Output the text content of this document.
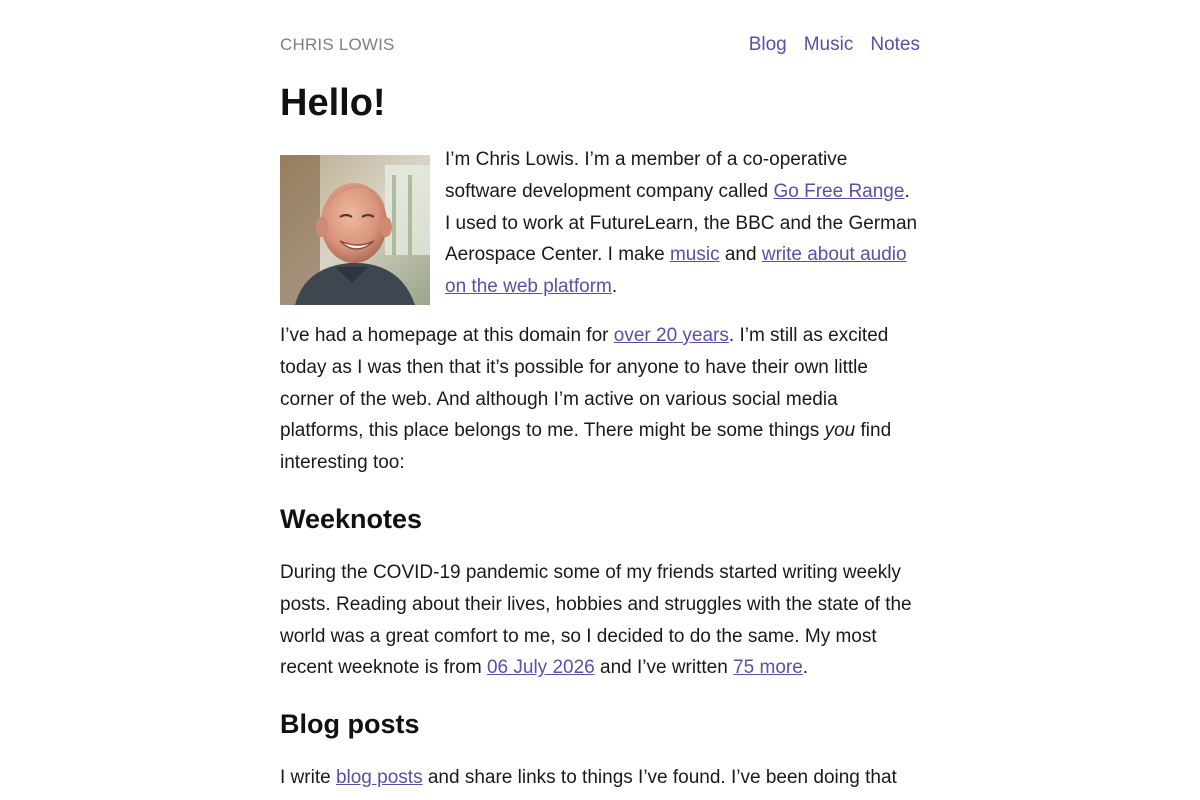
CHRIS LOWIS	Blog Music Notes
Hello!

I’m Chris Lowis. I’m a member of a co-operative software development company called Go Free Range. I used to work at FutureLearn, the BBC and the German Aerospace Center. I make music and write about audio on the web platform.

I’ve had a homepage at this domain for over 20 years. I’m still as excited today as I was then that it’s possible for anyone to have their own little corner of the web. And although I’m active on various social media platforms, this place belongs to me. There might be some things you find interesting too:

Weeknotes

During the COVID-19 pandemic some of my friends started writing weekly posts. Reading about their lives, hobbies and struggles with the state of the world was a great comfort to me, so I decided to do the same. My most recent weeknote is from 06 July 2026 and I’ve written 75 more.

Blog posts

I write blog posts and share links to things I’ve found. I’ve been doing that
